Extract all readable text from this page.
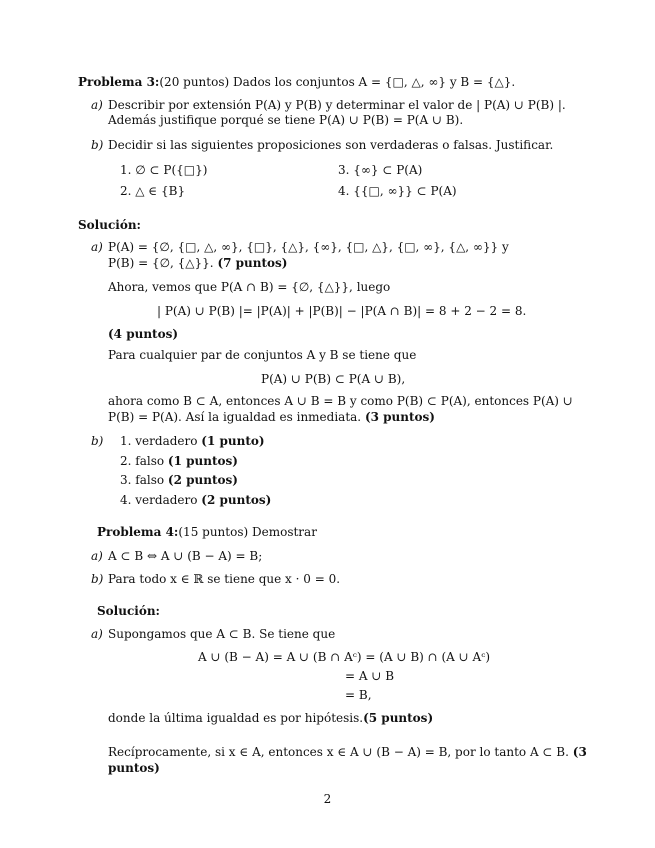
Problema 3:(20 puntos) Dados los conjuntos A = {□, △, ∞} y B = {△}.
a) Describir por extensión P(A) y P(B) y determinar el valor de | P(A) ∪ P(B) |.
Además justifique porqué se tiene P(A) ∪ P(B) = P(A ∪ B).
b) Decidir si las siguientes proposiciones son verdaderas o falsas. Justificar.
1. ∅ ⊂ P({□})
2. △ ∈ {B}
3. {∞} ⊂ P(A)
4. {{□, ∞}} ⊂ P(A)
Solución:
a) P(A) = {∅, {□, △, ∞}, {□}, {△}, {∞}, {□, △}, {□, ∞}, {△, ∞}} y
P(B) = {∅, {△}}. (7 puntos)
Ahora, vemos que P(A ∩ B) = {∅, {△}}, luego
| P(A) ∪ P(B) |= |P(A)| + |P(B)| − |P(A ∩ B)| = 8 + 2 − 2 = 8.
(4 puntos)
Para cualquier par de conjuntos A y B se tiene que
P(A) ∪ P(B) ⊂ P(A ∪ B),
ahora como B ⊂ A, entonces A ∪ B = B y como P(B) ⊂ P(A), entonces P(A) ∪
P(B) = P(A). Así la igualdad es inmediata. (3 puntos)
b) 1. verdadero (1 punto)
2. falso (1 puntos)
3. falso (2 puntos)
4. verdadero (2 puntos)
Problema 4:(15 puntos) Demostrar
a) A ⊂ B ⇔ A ∪ (B − A) = B;
b) Para todo x ∈ ℝ se tiene que x · 0 = 0.
Solución:
a) Supongamos que A ⊂ B. Se tiene que
A ∪ (B − A) = A ∪ (B ∩ Aᶜ) = (A ∪ B) ∩ (A ∪ Aᶜ)
= A ∪ B
= B,
donde la última igualdad es por hipótesis.(5 puntos)
Recíprocamente, si x ∈ A, entonces x ∈ A ∪ (B − A) = B, por lo tanto A ⊂ B. (3
puntos)
2
